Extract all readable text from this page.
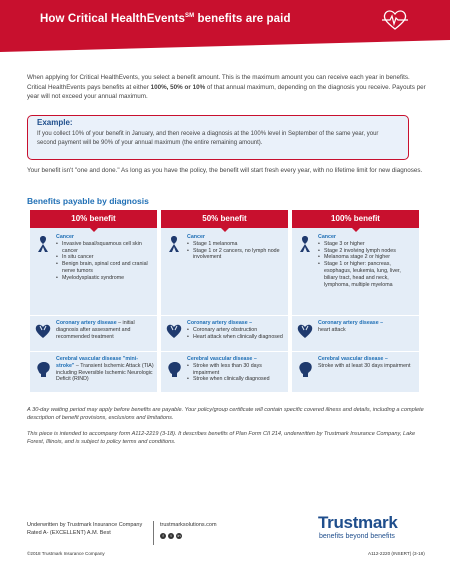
How Critical HealthEvents℠ benefits are paid
When applying for Critical HealthEvents, you select a benefit amount. This is the maximum amount you can receive each year in benefits.
Critical HealthEvents pays benefits at either 100%, 50% or 10% of that annual maximum, depending on the diagnosis you receive. Payouts per year will not exceed your annual maximum.
Example:
If you collect 10% of your benefit in January, and then receive a diagnosis at the 100% level in September of the same year, your second payment will be 90% of your annual maximum (the entire remaining amount).
Your benefit isn't "one and done." As long as you have the policy, the benefit will start fresh every year, with no lifetime limit for new diagnoses.
Benefits payable by diagnosis
10% benefit
Cancer
• Invasive basal/squamous cell skin cancer
• In situ cancer
• Benign brain, spinal cord and cranial nerve tumors
• Myelodysplastic syndrome
Coronary artery disease – initial diagnosis after assessment and recommended treatment
Cerebral vascular disease "mini-stroke" – Transient Ischemic Attack (TIA) including Reversible Ischemic Neurologic Deficit (RIND)
50% benefit
Cancer
• Stage 1 melanoma
• Stage 1 or 2 cancers, no lymph node involvement
Coronary artery disease –
• Coronary artery obstruction
• Heart attack when clinically diagnosed
Cerebral vascular disease –
• Stroke with less than 30 days impairment
• Stroke when clinically diagnosed
100% benefit
Cancer
• Stage 3 or higher
• Stage 2 involving lymph nodes
• Melanoma stage 2 or higher
• Stage 1 or higher: pancreas, esophagus, leukemia, lung, liver, biliary tract, head and neck, lymphoma, multiple myeloma
Coronary artery disease –
heart attack
Cerebral vascular disease –
Stroke with at least 30 days impairment
A 30-day waiting period may apply before benefits are payable. Your policy/group certificate will contain specific covered illness and details, including a complete description of benefit provisions, exclusions and limitations.
This piece is intended to accompany form A112-2219 (3-18). It describes benefits of Plan Form CII 214, underwritten by Trustmark Insurance Company, Lake Forest, Illinois, and is subject to policy terms and conditions.
Underwritten by Trustmark Insurance Company
Rated A- (EXCELLENT) A.M. Best
trustmarksolutions.com
f	t	in
©2018 Trustmark Insurance Company
Trustmark
benefits beyond benefits
A112-2220 (INSERT) (3-18)
